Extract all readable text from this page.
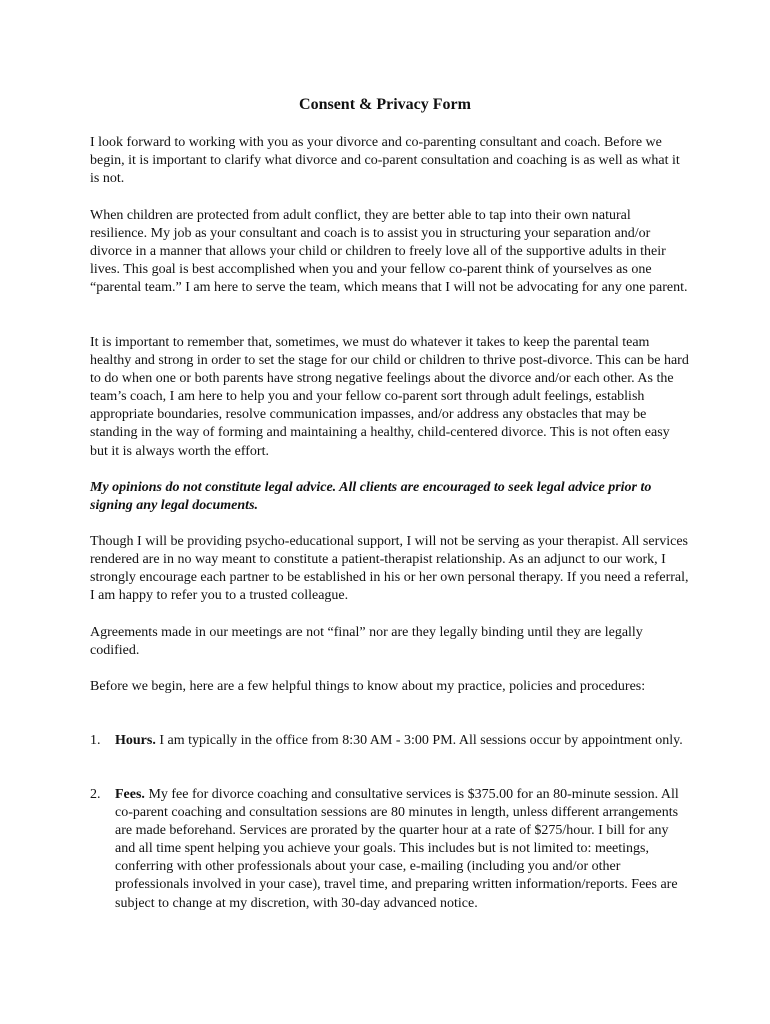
Consent & Privacy Form
I look forward to working with you as your divorce and co-parenting consultant and coach. Before we begin, it is important to clarify what divorce and co-parent consultation and coaching is as well as what it is not.
When children are protected from adult conflict, they are better able to tap into their own natural resilience. My job as your consultant and coach is to assist you in structuring your separation and/or divorce in a manner that allows your child or children to freely love all of the supportive adults in their lives. This goal is best accomplished when you and your fellow co-parent think of yourselves as one “parental team.” I am here to serve the team, which means that I will not be advocating for any one parent.
It is important to remember that, sometimes, we must do whatever it takes to keep the parental team healthy and strong in order to set the stage for our child or children to thrive post-divorce. This can be hard to do when one or both parents have strong negative feelings about the divorce and/or each other. As the team’s coach, I am here to help you and your fellow co-parent sort through adult feelings, establish appropriate boundaries, resolve communication impasses, and/or address any obstacles that may be standing in the way of forming and maintaining a healthy, child-centered divorce. This is not often easy but it is always worth the effort.
My opinions do not constitute legal advice. All clients are encouraged to seek legal advice prior to signing any legal documents.
Though I will be providing psycho-educational support, I will not be serving as your therapist. All services rendered are in no way meant to constitute a patient-therapist relationship. As an adjunct to our work, I strongly encourage each partner to be established in his or her own personal therapy. If you need a referral, I am happy to refer you to a trusted colleague.
Agreements made in our meetings are not “final” nor are they legally binding until they are legally codified.
Before we begin, here are a few helpful things to know about my practice, policies and procedures:
1.	Hours. I am typically in the office from 8:30 AM - 3:00 PM. All sessions occur by appointment only.
2.	Fees. My fee for divorce coaching and consultative services is $375.00 for an 80-minute session. All co-parent coaching and consultation sessions are 80 minutes in length, unless different arrangements are made beforehand. Services are prorated by the quarter hour at a rate of $275/hour. I bill for any and all time spent helping you achieve your goals. This includes but is not limited to: meetings, conferring with other professionals about your case, e-mailing (including you and/or other professionals involved in your case), travel time, and preparing written information/reports. Fees are subject to change at my discretion, with 30-day advanced notice.
